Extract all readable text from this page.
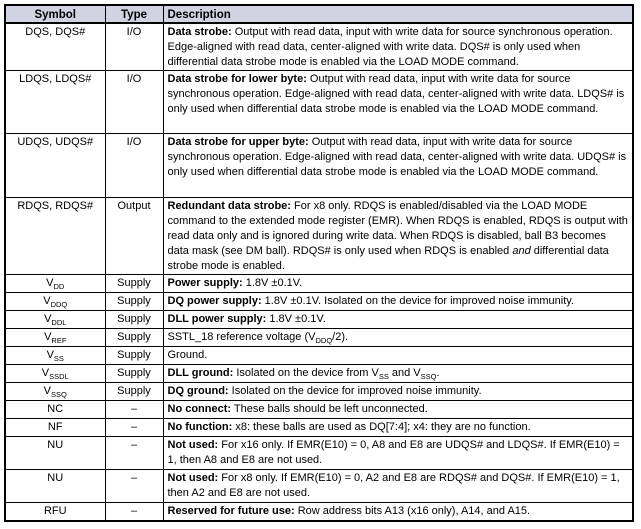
Symbol	Type	Description
DQS, DQS#	I/O	Data strobe: Output with read data, input with write data for source synchronous operation. Edge-aligned with read data, center-aligned with write data. DQS# is only used when differential data strobe mode is enabled via the LOAD MODE command.
LDQS, LDQS#	I/O	Data strobe for lower byte: Output with read data, input with write data for source synchronous operation. Edge-aligned with read data, center-aligned with write data. LDQS# is only used when differential data strobe mode is enabled via the LOAD MODE command.
UDQS, UDQS#	I/O	Data strobe for upper byte: Output with read data, input with write data for source synchronous operation. Edge-aligned with read data, center-aligned with write data. UDQS# is only used when differential data strobe mode is enabled via the LOAD MODE command.
RDQS, RDQS#	Output	Redundant data strobe: For x8 only. RDQS is enabled/disabled via the LOAD MODE command to the extended mode register (EMR). When RDQS is enabled, RDQS is output with read data only and is ignored during write data. When RDQS is disabled, ball B3 becomes data mask (see DM ball). RDQS# is only used when RDQS is enabled and differential data strobe mode is enabled.
$V_{DD}$	Supply	Power supply: 1.8V ±0.1V.
$V_{DDQ}$	Supply	DQ power supply: 1.8V ±0.1V. Isolated on the device for improved noise immunity.
$V_{DDL}$	Supply	DLL power supply: 1.8V ±0.1V.
$V_{REF}$	Supply	SSTL_18 reference voltage $(V_{DDQ}/2)$.
$V_{SS}$	Supply	Ground.
$V_{SSDL}$	Supply	DLL ground: Isolated on the device from $V_{SS}$ and $V_{SSQ}$.
$V_{SSQ}$	Supply	DQ ground: Isolated on the device for improved noise immunity.
NC	–	No connect: These balls should be left unconnected.
NF	–	No function: x8: these balls are used as DQ[7:4]; x4: they are no function.
NU	–	Not used: For x16 only. If EMR(E10) = 0, A8 and E8 are UDQS# and LDQS#. If EMR(E10) = 1, then A8 and E8 are not used.
NU	–	Not used: For x8 only. If EMR(E10) = 0, A2 and E8 are RDQS# and DQS#. If EMR(E10) = 1, then A2 and E8 are not used.
RFU	–	Reserved for future use: Row address bits A13 (x16 only), A14, and A15.
